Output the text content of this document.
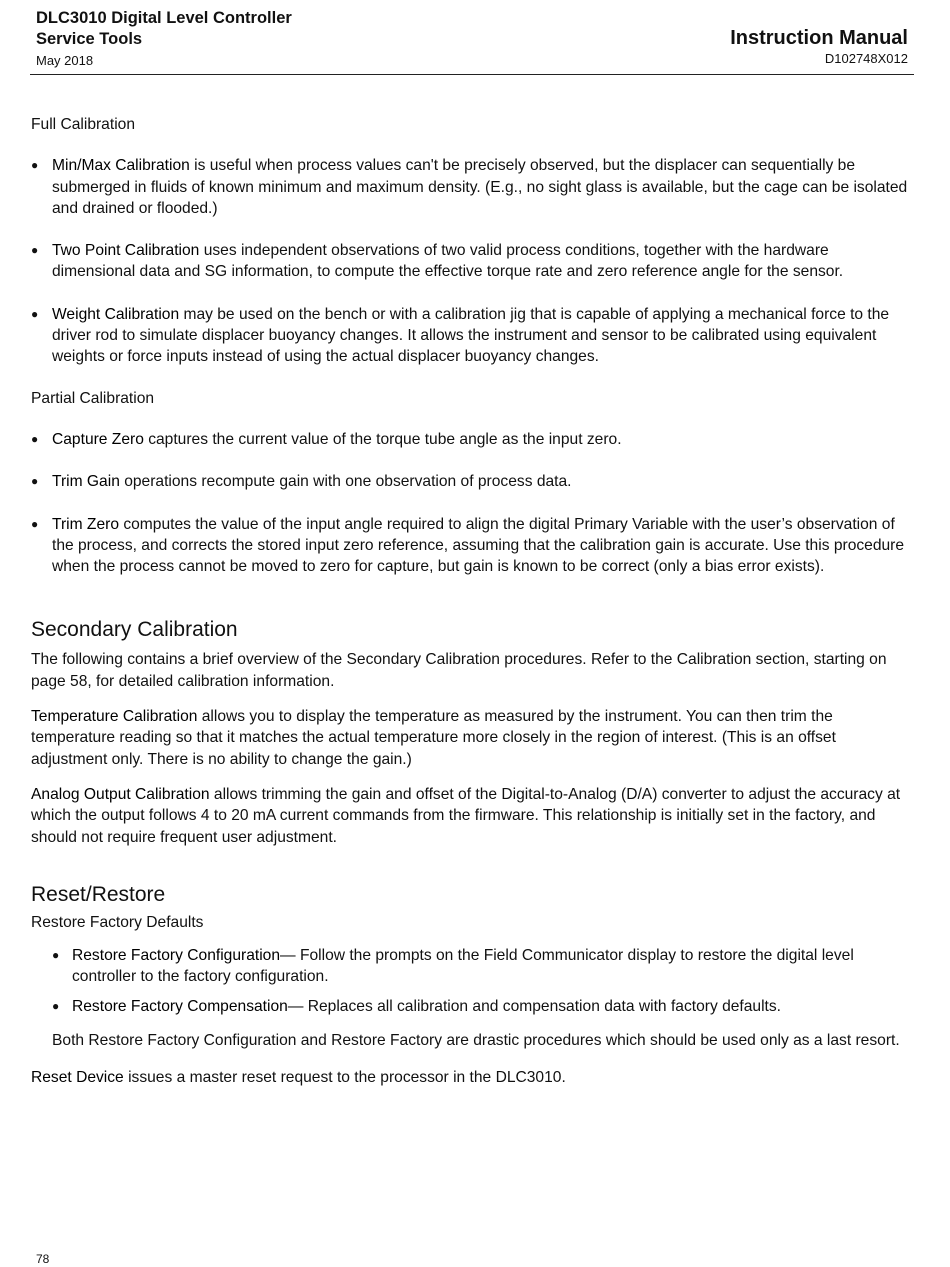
DLC3010 Digital Level Controller
Service Tools
May 2018
Instruction Manual
D102748X012
Full Calibration
● Min/Max Calibration is useful when process values can't be precisely observed, but the displacer can sequentially be submerged in fluids of known minimum and maximum density. (E.g., no sight glass is available, but the cage can be isolated and drained or flooded.)
● Two Point Calibration uses independent observations of two valid process conditions, together with the hardware dimensional data and SG information, to compute the effective torque rate and zero reference angle for the sensor.
● Weight Calibration may be used on the bench or with a calibration jig that is capable of applying a mechanical force to the driver rod to simulate displacer buoyancy changes. It allows the instrument and sensor to be calibrated using equivalent weights or force inputs instead of using the actual displacer buoyancy changes.
Partial Calibration
● Capture Zero captures the current value of the torque tube angle as the input zero.
● Trim Gain operations recompute gain with one observation of process data.
● Trim Zero computes the value of the input angle required to align the digital Primary Variable with the user’s observation of the process, and corrects the stored input zero reference, assuming that the calibration gain is accurate. Use this procedure when the process cannot be moved to zero for capture, but gain is known to be correct (only a bias error exists).
Secondary Calibration

The following contains a brief overview of the Secondary Calibration procedures. Refer to the Calibration section, starting on page 58, for detailed calibration information.

Temperature Calibration allows you to display the temperature as measured by the instrument. You can then trim the temperature reading so that it matches the actual temperature more closely in the region of interest. (This is an offset adjustment only. There is no ability to change the gain.)

Analog Output Calibration allows trimming the gain and offset of the Digital-to-Analog (D/A) converter to adjust the accuracy at which the output follows 4 to 20 mA current commands from the firmware. This relationship is initially set in the factory, and should not require frequent user adjustment.

Reset/Restore
Restore Factory Defaults
● Restore Factory Configuration— Follow the prompts on the Field Communicator display to restore the digital level controller to the factory configuration.
● Restore Factory Compensation— Replaces all calibration and compensation data with factory defaults.

Both Restore Factory Configuration and Restore Factory are drastic procedures which should be used only as a last resort.

Reset Device issues a master reset request to the processor in the DLC3010.

78
